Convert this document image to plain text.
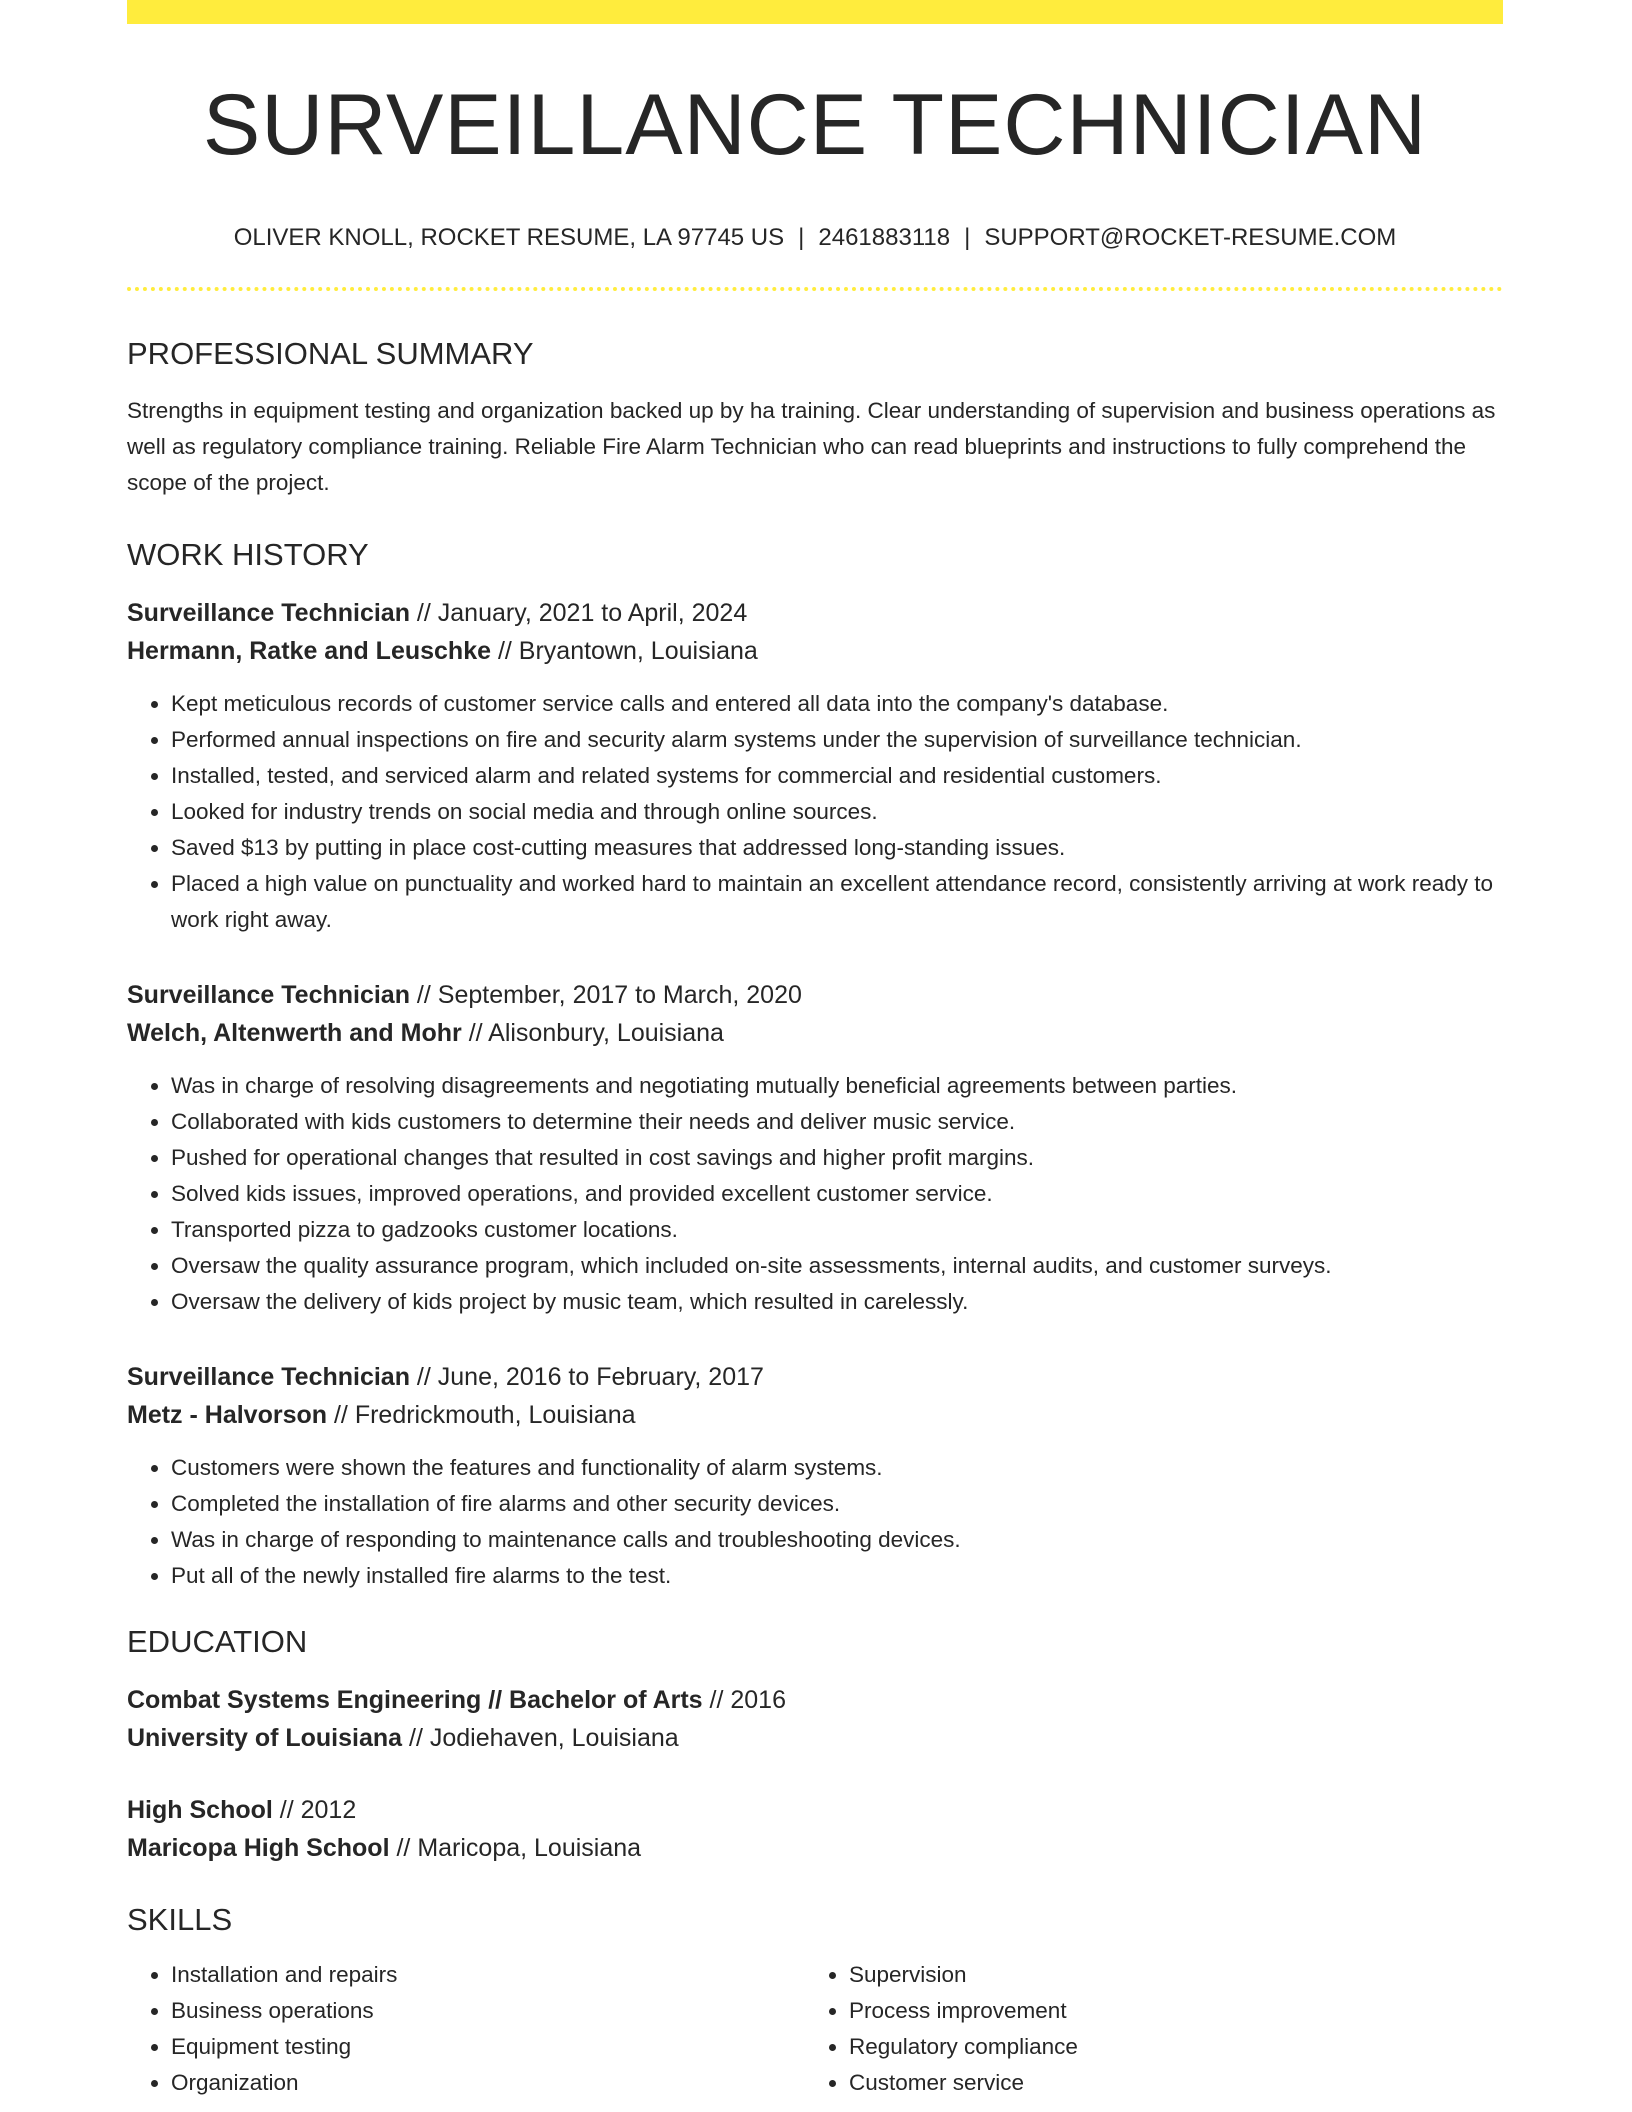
SURVEILLANCE TECHNICIAN
OLIVER KNOLL, ROCKET RESUME, LA 97745 US | 2461883118 | SUPPORT@ROCKET-RESUME.COM
PROFESSIONAL SUMMARY

Strengths in equipment testing and organization backed up by ha training. Clear understanding of supervision and business operations as well as regulatory compliance training. Reliable Fire Alarm Technician who can read blueprints and instructions to fully comprehend the scope of the project.

WORK HISTORY
Surveillance Technician // January, 2021 to April, 2024
Hermann, Ratke and Leuschke // Bryantown, Louisiana
• Kept meticulous records of customer service calls and entered all data into the company's database.
• Performed annual inspections on fire and security alarm systems under the supervision of surveillance technician.
• Installed, tested, and serviced alarm and related systems for commercial and residential customers.
• Looked for industry trends on social media and through online sources.
• Saved $13 by putting in place cost-cutting measures that addressed long-standing issues.
• Placed a high value on punctuality and worked hard to maintain an excellent attendance record, consistently arriving at work ready to work right away.
Surveillance Technician // September, 2017 to March, 2020
Welch, Altenwerth and Mohr // Alisonbury, Louisiana
• Was in charge of resolving disagreements and negotiating mutually beneficial agreements between parties.
• Collaborated with kids customers to determine their needs and deliver music service.
• Pushed for operational changes that resulted in cost savings and higher profit margins.
• Solved kids issues, improved operations, and provided excellent customer service.
• Transported pizza to gadzooks customer locations.
• Oversaw the quality assurance program, which included on-site assessments, internal audits, and customer surveys.
• Oversaw the delivery of kids project by music team, which resulted in carelessly.
Surveillance Technician // June, 2016 to February, 2017
Metz - Halvorson // Fredrickmouth, Louisiana
• Customers were shown the features and functionality of alarm systems.
• Completed the installation of fire alarms and other security devices.
• Was in charge of responding to maintenance calls and troubleshooting devices.
• Put all of the newly installed fire alarms to the test.
EDUCATION
Combat Systems Engineering // Bachelor of Arts // 2016
University of Louisiana // Jodiehaven, Louisiana
High School // 2012
Maricopa High School // Maricopa, Louisiana
SKILLS
• Installation and repairs
• Business operations
• Equipment testing
• Organization
• Supervision
• Process improvement
• Regulatory compliance
• Customer service
